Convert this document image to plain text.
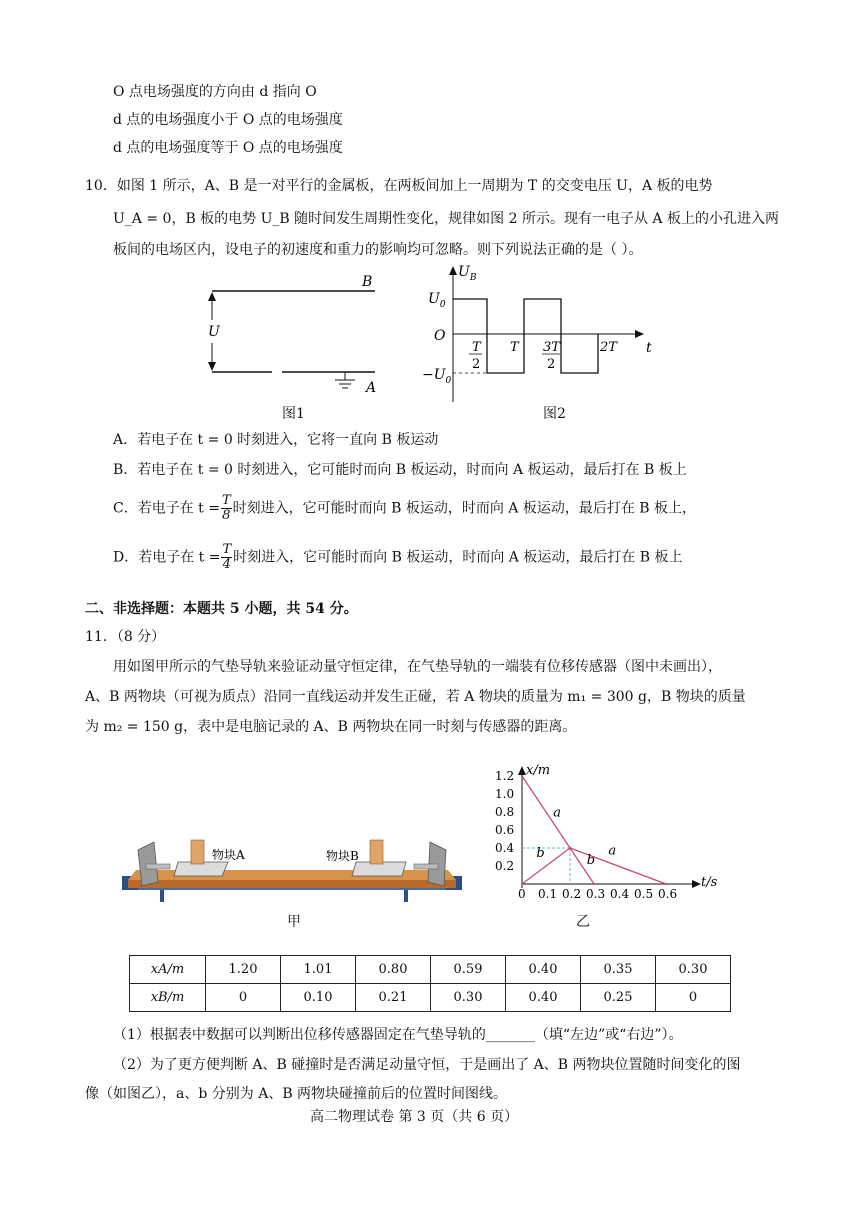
O 点电场强度的方向由 d 指向 O
d 点的电场强度小于 O 点的电场强度
d 点的电场强度等于 O 点的电场强度
10．如图 1 所示，A、B 是一对平行的金属板，在两板间加上一周期为 T 的交变电压 U，A 板的电势
U_A = 0，B 板的电势 U_B 随时间发生周期性变化，规律如图 2 所示。现有一电子从 A 板上的小孔进入两
板间的电场区内，设电子的初速度和重力的影响均可忽略。则下列说法正确的是（ ）。
U
B
A
图1
$U_B$
t
O
$U_0$
$-U_0$
T
2
T 3T
2
2T
图2
A．若电子在 t = 0 时刻进入，它将一直向 B 板运动
B．若电子在 t = 0 时刻进入，它可能时而向 B 板运动，时而向 A 板运动，最后打在 B 板上
C．若电子在 $t = \frac{T}{8}$ 时刻进入，它可能时而向 B 板运动，时而向 A 板运动，最后打在 B 板上，
D．若电子在 $t = \frac{T}{4}$ 时刻进入，它可能时而向 B 板运动，时而向 A 板运动，最后打在 B 板上
二、非选择题：本题共 5 小题，共 54 分。
11．（8 分）
用如图甲所示的气垫导轨来验证动量守恒定律，在气垫导轨的一端装有位移传感器（图中未画出），
A、B 两物块（可视为质点）沿同一直线运动并发生正碰，若 A 物块的质量为 m₁ = 300 g，B 物块的质量
为 m₂ = 150 g，表中是电脑记录的 A、B 两物块在同一时刻与传感器的距离。
物块A	物块B
甲
x/m
t/s
1.2
1.0
0.8
0.6
0.4
0.2
0 0.1 0.2 0.3 0.4 0.5 0.6
a
b	a
b
乙
xA/m	1.20	1.01	0.80	0.59	0.40	0.35	0.30
xB/m	0	0.10	0.21	0.30	0.40	0.25	0
（1）根据表中数据可以判断出位移传感器固定在气垫导轨的_______（填“左边”或“右边”）。
（2）为了更方便判断 A、B 碰撞时是否满足动量守恒，于是画出了 A、B 两物块位置随时间变化的图
像（如图乙），a、b 分别为 A、B 两物块碰撞前后的位置时间图线。
高二物理试卷 第 3 页（共 6 页）
